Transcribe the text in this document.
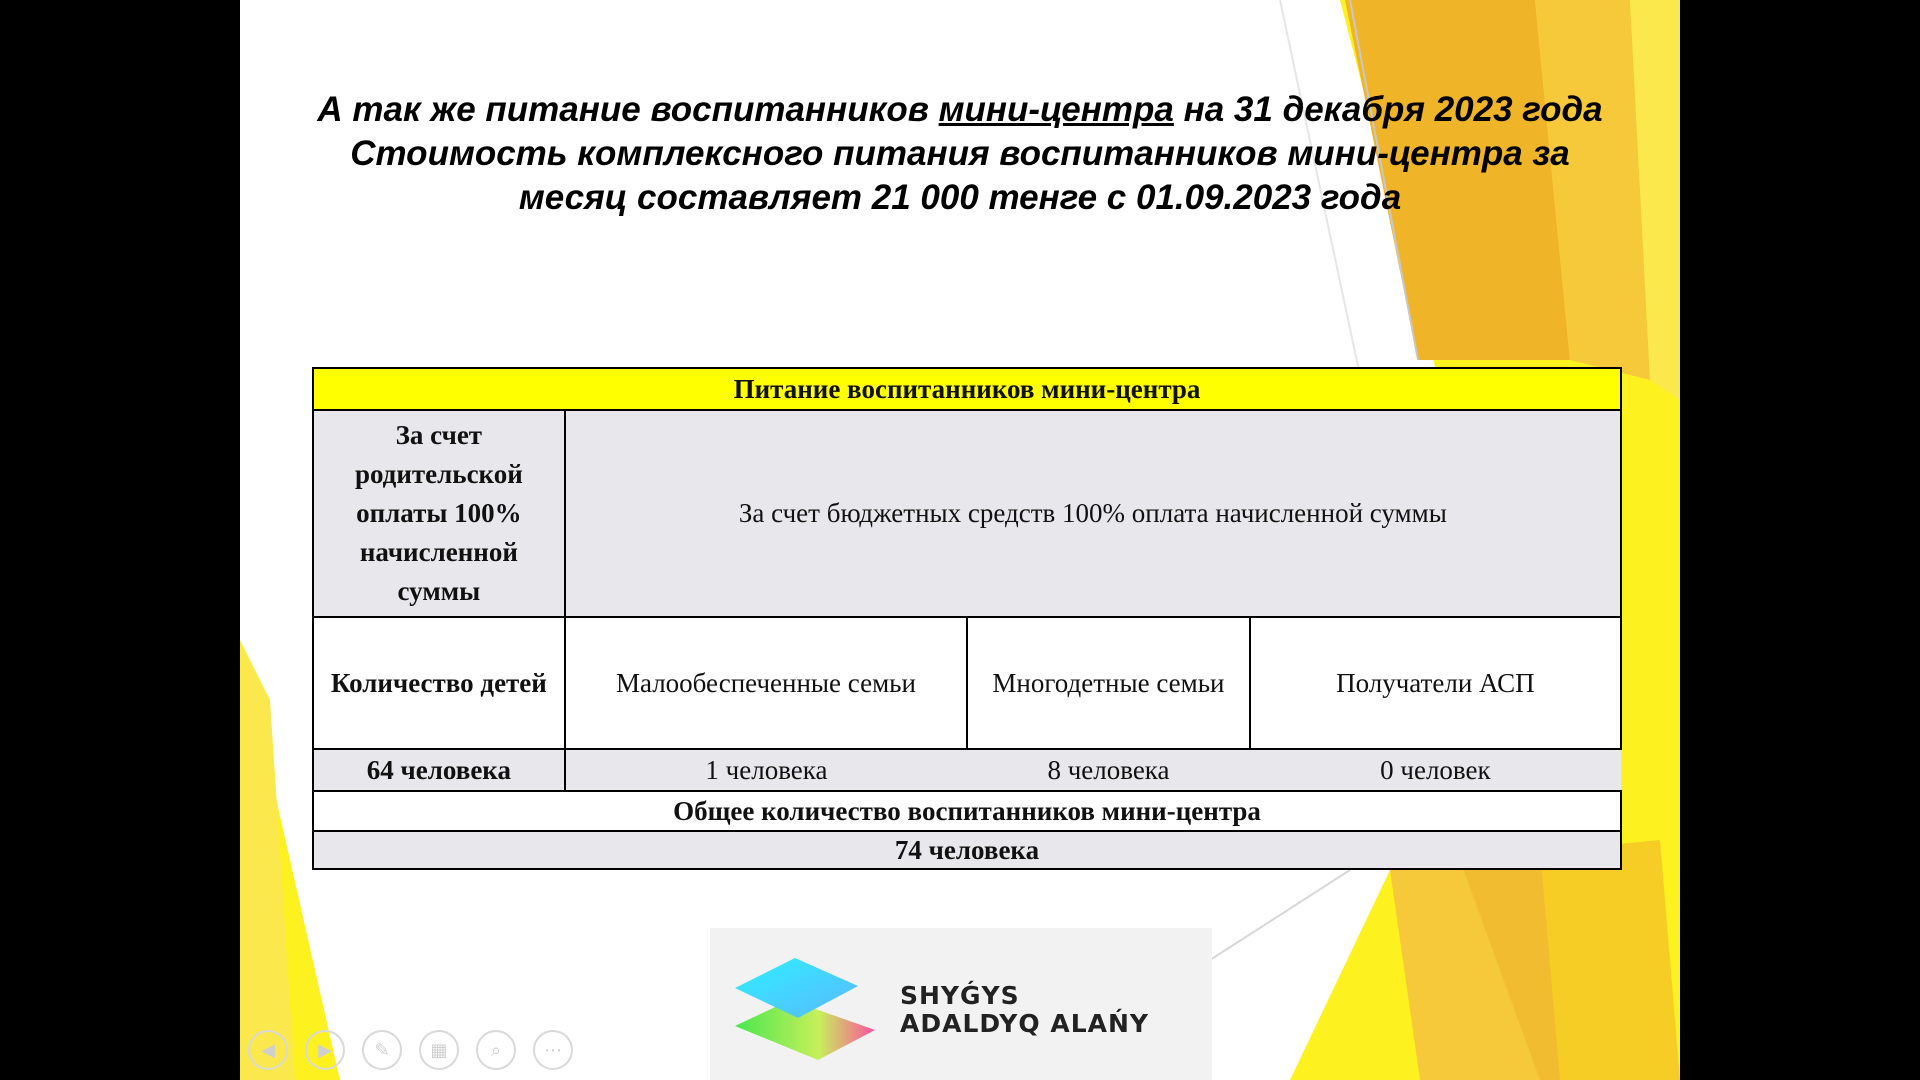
А так же питание воспитанников мини-центра на 31 декабря 2023 года
Стоимость комплексного питания воспитанников мини-центра за
месяц составляет 21 000 тенге с 01.09.2023 года
Питание воспитанников мини-центра			
За счет родительской оплаты 100% начисленной суммы	За счет бюджетных средств 100% оплата начисленной суммы		
Количество детей	Малообеспеченные семьи	Многодетные семьи	Получатели АСП
64 человека	1 человека	8 человека	0 человек
Общее количество воспитанников мини-центра			
74 человека			
SHYǴYS
ADALDYQ ALAŃY
◀	▶	✎	▦	⌕	⋯
